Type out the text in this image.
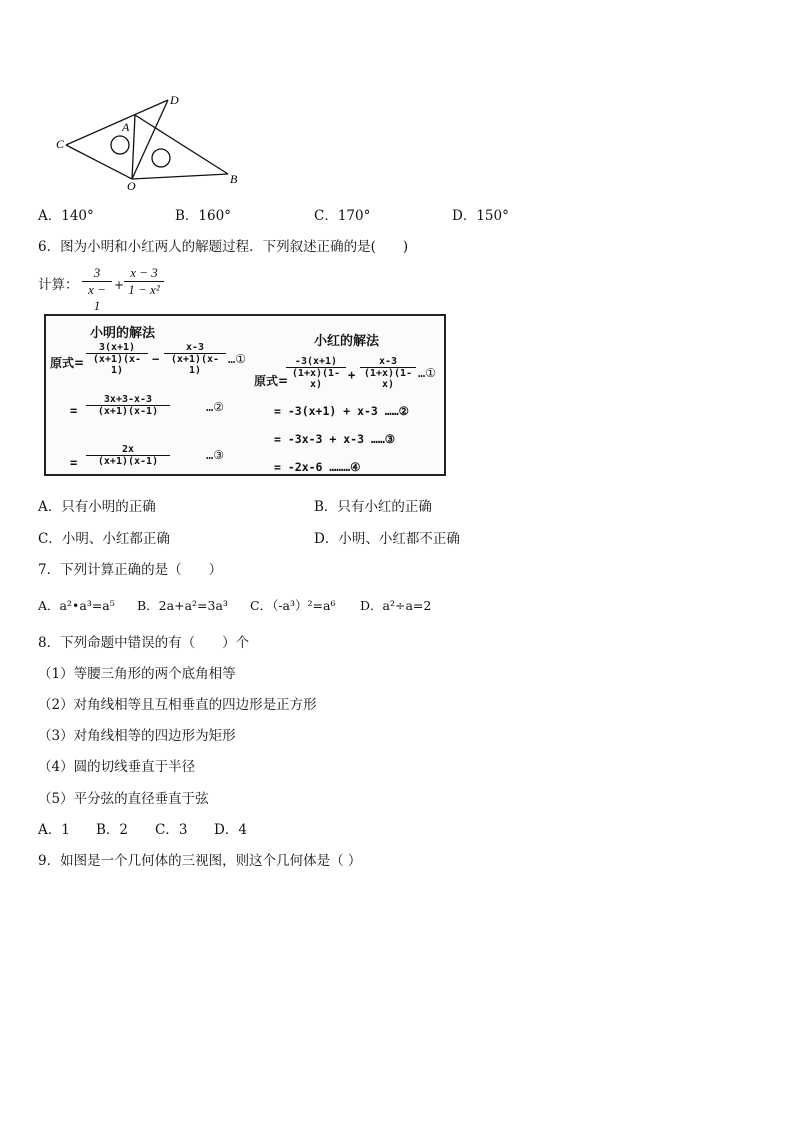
C
A
D
O	B
A．140°	B．160°	C．170°	D．150°
6．图为小明和小红两人的解题过程．下列叙述正确的是(　　)
计算： $\frac{3}{x - 1} + \frac{x - 3}{\text{1 − x²}}$
小明的解法
原式= $\frac{3(x+1)}{(x+1)(x-1)} - \frac{x-3}{(x+1)(x-1)}$ …①
= $\frac{3x+3-x-3}{(x+1)(x-1)}$	…②
= $\frac{2x}{(x+1)(x-1)}$	…③
小红的解法
原式=
$\frac{-3(x+1)}{(1+x)(1-x)} + \frac{x-3}{(1+x)(1-x)}$ …①
= -3(x+1) + x-3 ……②
= -3x-3 + x-3 ……③
= -2x-6 ………④
A．只有小明的正确	B．只有小红的正确
C．小明、小红都正确	D．小明、小红都不正确
7．下列计算正确的是（　　）
A．a²•a³=a⁵ B．2a+a²=3a³ C．（-a³）²=a⁶ D．a²÷a=2
8．下列命题中错误的有（　　）个
（1）等腰三角形的两个底角相等
（2）对角线相等且互相垂直的四边形是正方形
（3）对角线相等的四边形为矩形
（4）圆的切线垂直于半径
（5）平分弦的直径垂直于弦
A．1 B．2 C．3 D．4
9．如图是一个几何体的三视图，则这个几何体是（ ）
